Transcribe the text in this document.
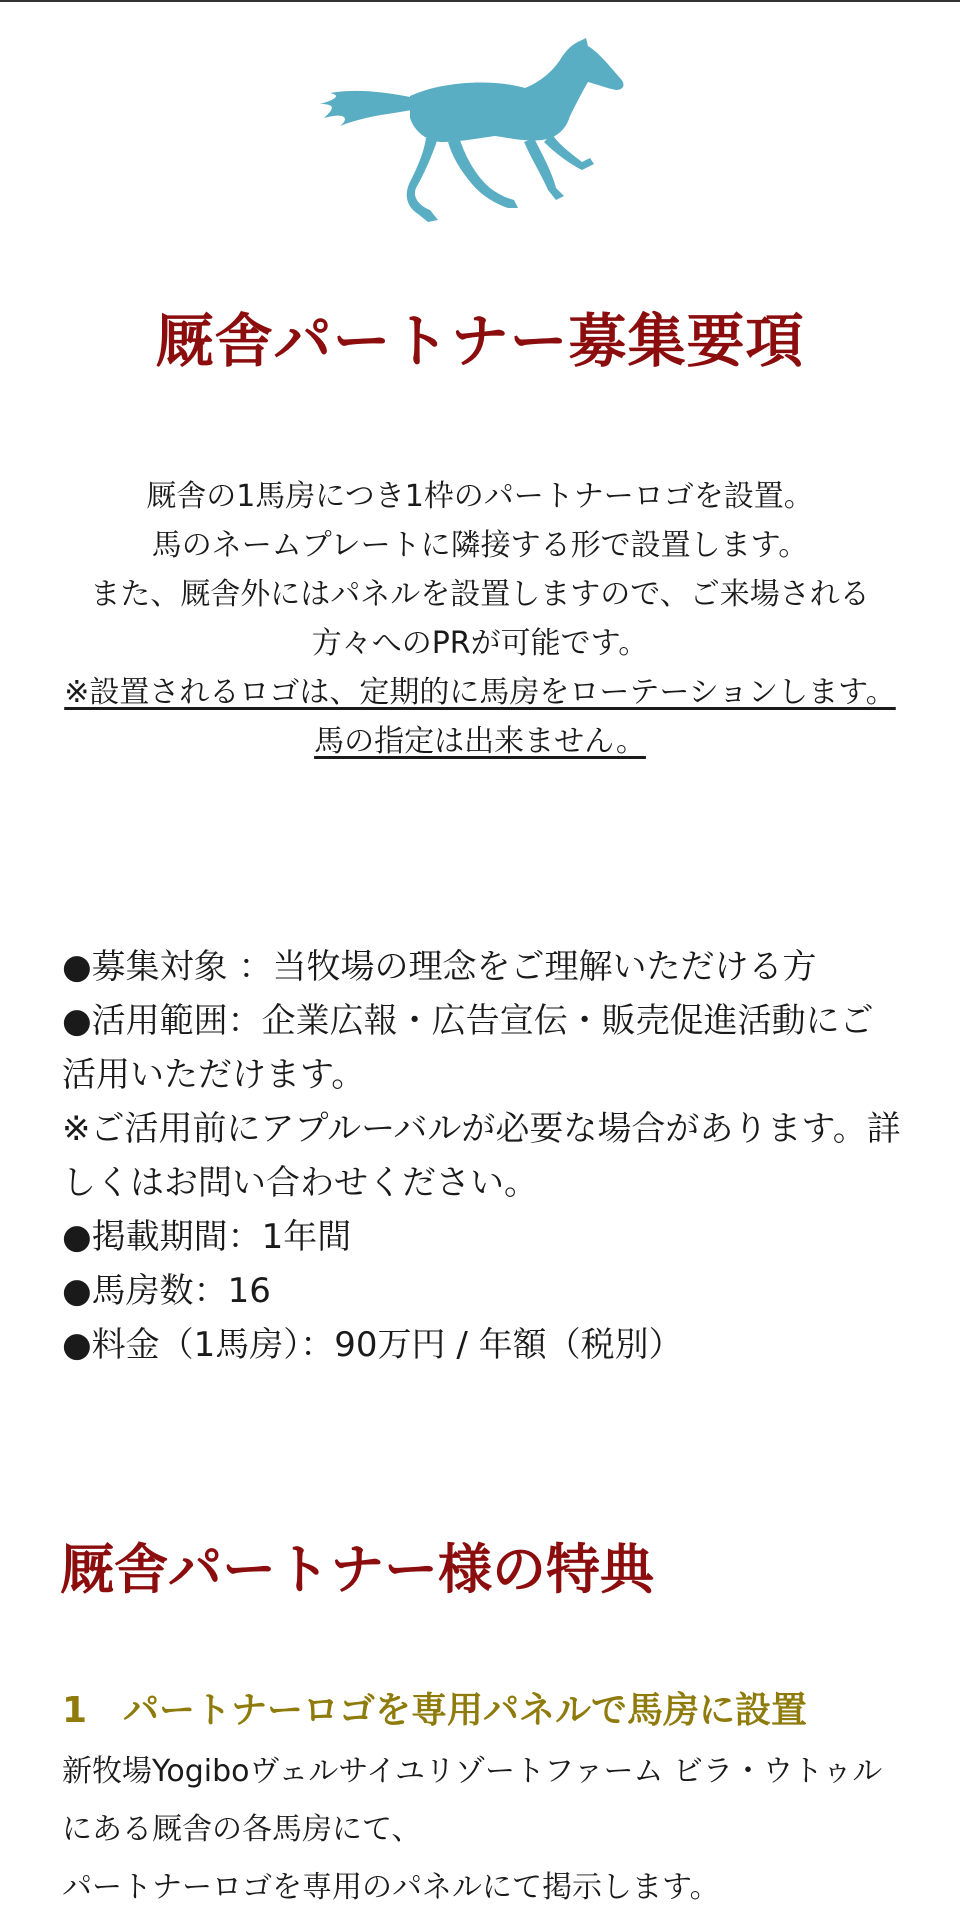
厩舎パートナー募集要項

厩舎の1馬房につき1枠のパートナーロゴを設置。

馬のネームプレートに隣接する形で設置します。

また、厩舎外にはパネルを設置しますので、ご来場される方々へのPRが可能です。

※設置されるロゴは、定期的に馬房をローテーションします。馬の指定は出来ません。

●募集対象 ：当牧場の理念をご理解いただける方
●活用範囲：企業広報・広告宣伝・販売促進活動にご活用いただけます。
※ご活用前にアプルーバルが必要な場合があります。詳しくはお問い合わせください。
●掲載期間：1年間
●馬房数：16
●料金（1馬房）：90万円 / 年額（税別）
厩舎パートナー様の特典
1　パートナーロゴを専用パネルで馬房に設置

新牧場Yogiboヴェルサイユリゾートファーム ビラ・ウトゥル

にある厩舎の各馬房にて、

パートナーロゴを専用のパネルにて掲示します。
